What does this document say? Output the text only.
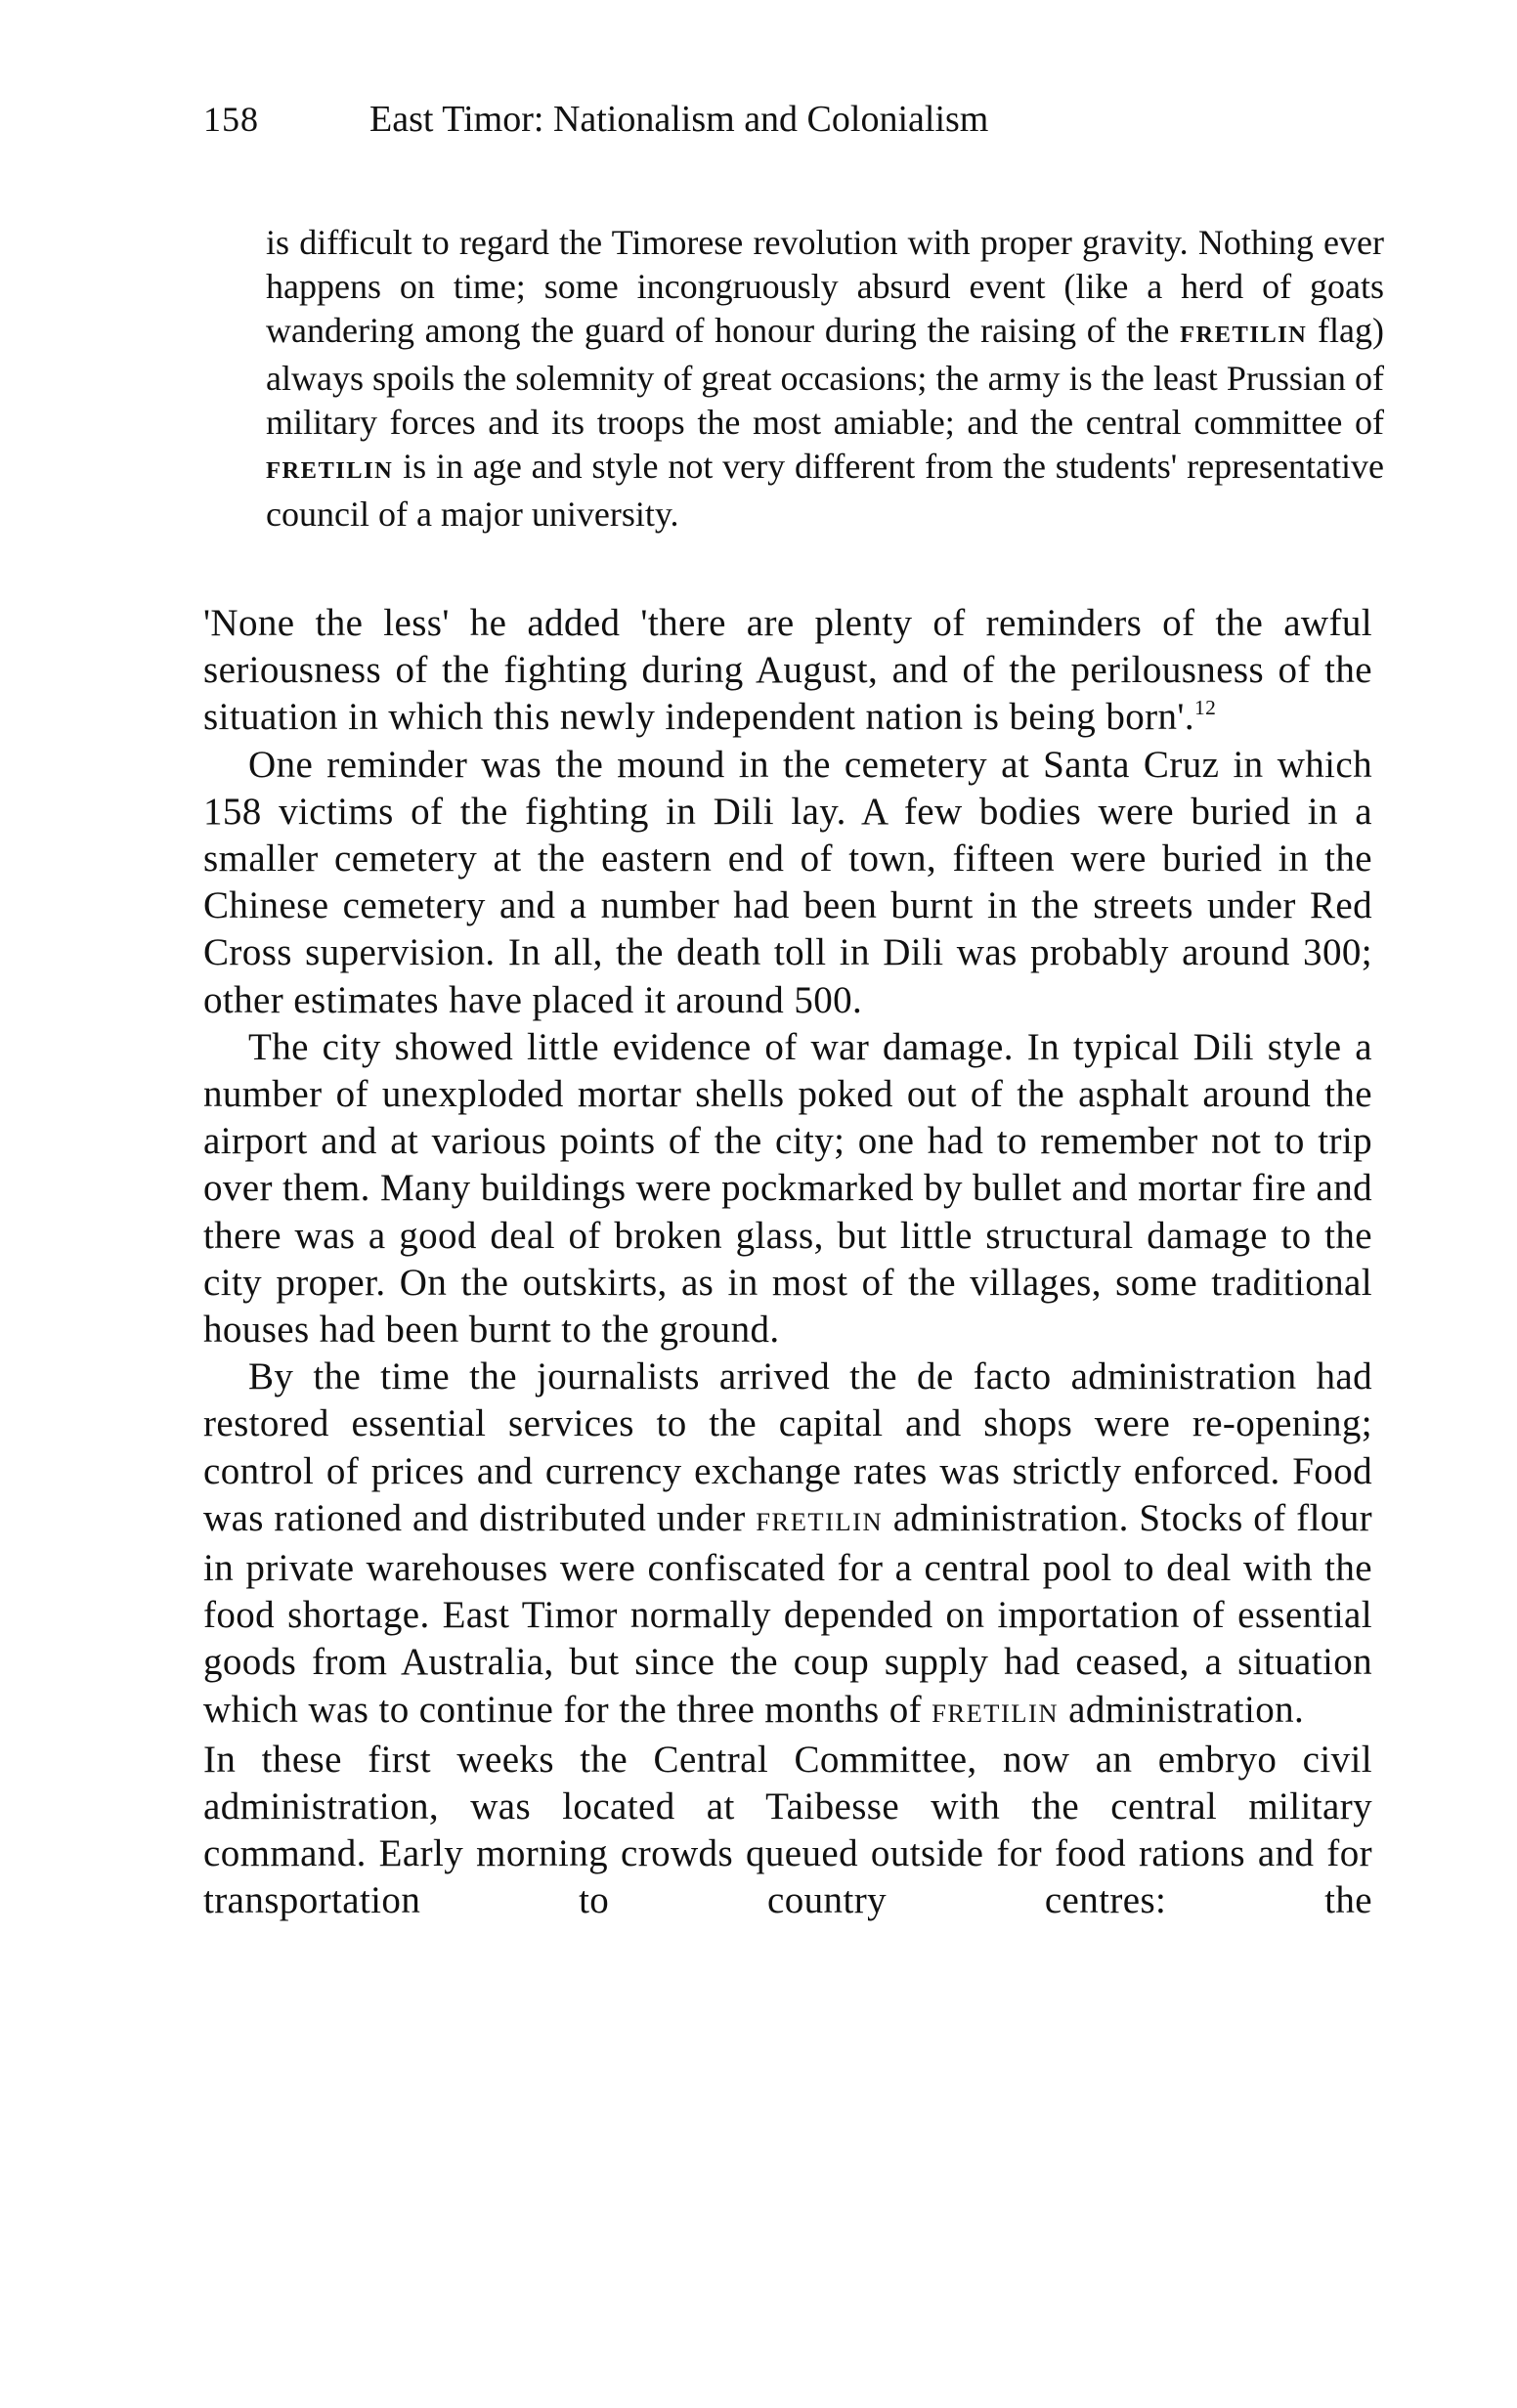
158	East Timor: Nationalism and Colonialism

is difficult to regard the Timorese revolution with proper gravity. Nothing ever happens on time; some incongruously absurd event (like a herd of goats wandering among the guard of honour during the raising of the FRETILIN flag) always spoils the solemnity of great occasions; the army is the least Prussian of military forces and its troops the most amiable; and the central committee of FRETILIN is in age and style not very different from the students' representative council of a major university.

'None the less' he added 'there are plenty of reminders of the awful seriousness of the fighting during August, and of the perilousness of the situation in which this newly independent nation is being born'.$^{12}$

One reminder was the mound in the cemetery at Santa Cruz in which 158 victims of the fighting in Dili lay. A few bodies were buried in a smaller cemetery at the eastern end of town, fifteen were buried in the Chinese cemetery and a number had been burnt in the streets under Red Cross supervision. In all, the death toll in Dili was probably around 300; other estimates have placed it around 500.

The city showed little evidence of war damage. In typical Dili style a number of unexploded mortar shells poked out of the asphalt around the airport and at various points of the city; one had to remember not to trip over them. Many buildings were pockmarked by bullet and mortar fire and there was a good deal of broken glass, but little structural damage to the city proper. On the outskirts, as in most of the villages, some traditional houses had been burnt to the ground.

By the time the journalists arrived the de facto administration had restored essential services to the capital and shops were re-opening; control of prices and currency exchange rates was strictly enforced. Food was rationed and distributed under FRETILIN administration. Stocks of flour in private warehouses were confiscated for a central pool to deal with the food shortage. East Timor normally depended on importation of essential goods from Australia, but since the coup supply had ceased, a situation which was to continue for the three months of FRETILIN administration.

In these first weeks the Central Committee, now an embryo civil administration, was located at Taibesse with the central military command. Early morning crowds queued outside for food rations and for transportation to country centres: the
